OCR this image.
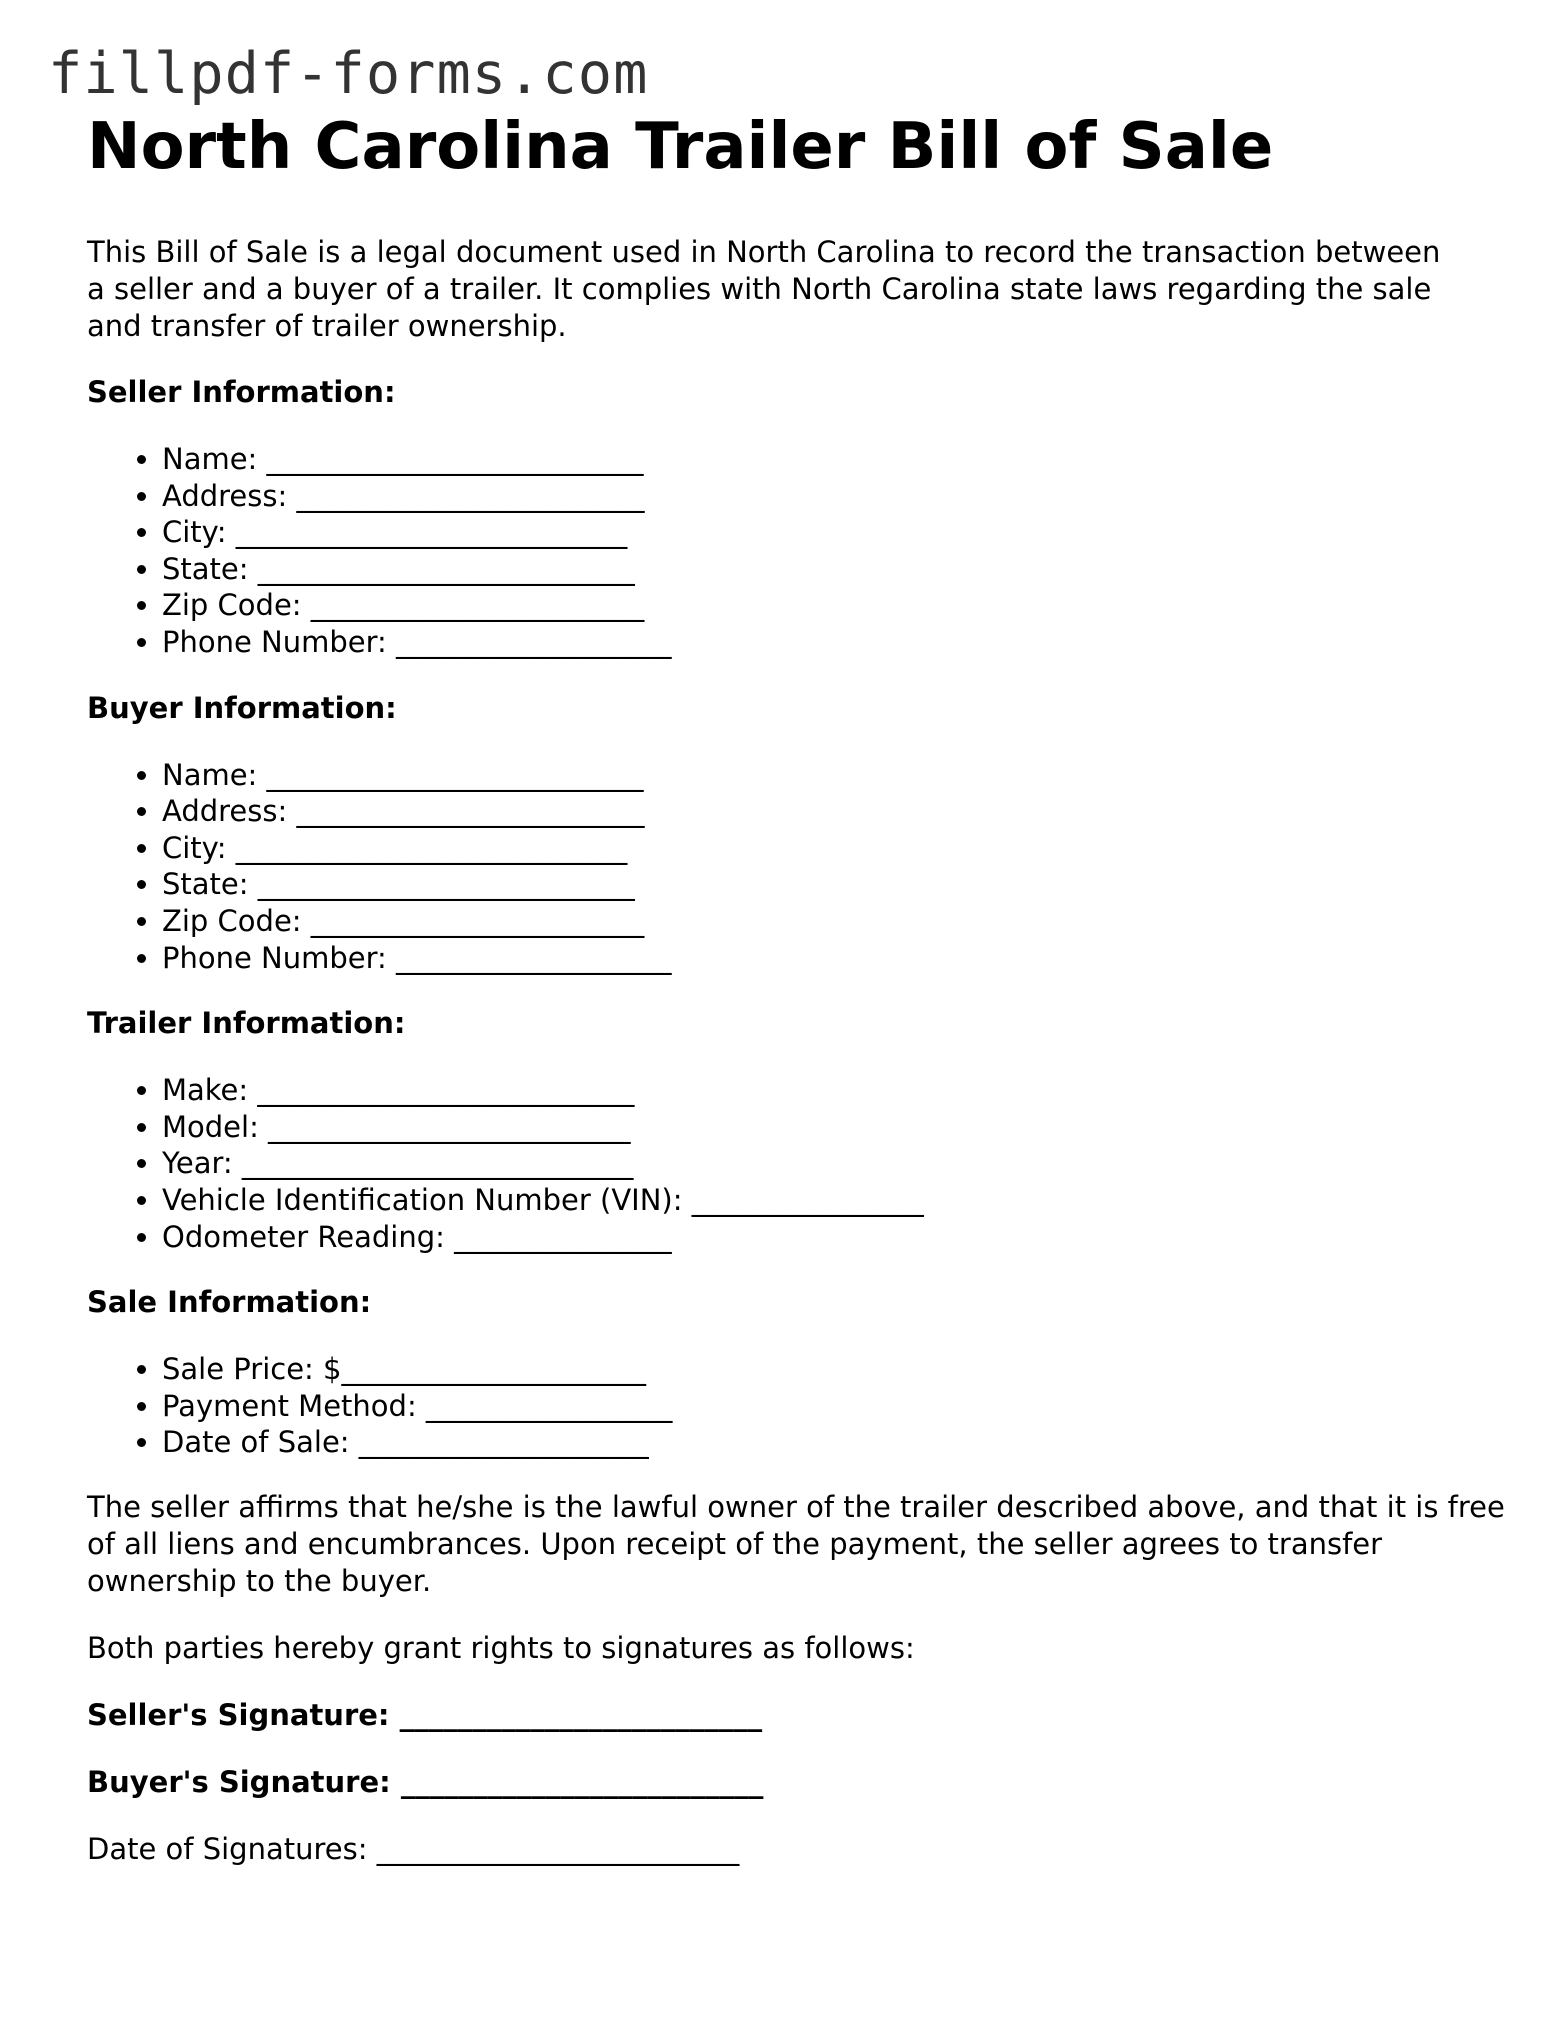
fillpdf-forms.com
North Carolina Trailer Bill of Sale

This Bill of Sale is a legal document used in North Carolina to record the transaction between a seller and a buyer of a trailer. It complies with North Carolina state laws regarding the sale and transfer of trailer ownership.

Seller Information:
• Name: __________________________
• Address: ________________________
• City: ___________________________
• State: __________________________
• Zip Code: _______________________
• Phone Number: ___________________
Buyer Information:
• Name: __________________________
• Address: ________________________
• City: ___________________________
• State: __________________________
• Zip Code: _______________________
• Phone Number: ___________________
Trailer Information:
• Make: __________________________
• Model: _________________________
• Year: ___________________________
• Vehicle Identification Number (VIN): ________________
• Odometer Reading: _______________
Sale Information:
• Sale Price: $_____________________
• Payment Method: _________________
• Date of Sale: ____________________

The seller affirms that he/she is the lawful owner of the trailer described above, and that it is free of all liens and encumbrances. Upon receipt of the payment, the seller agrees to transfer ownership to the buyer.

Both parties hereby grant rights to signatures as follows:

Seller's Signature: _________________________
Buyer's Signature: _________________________
Date of Signatures: _________________________
